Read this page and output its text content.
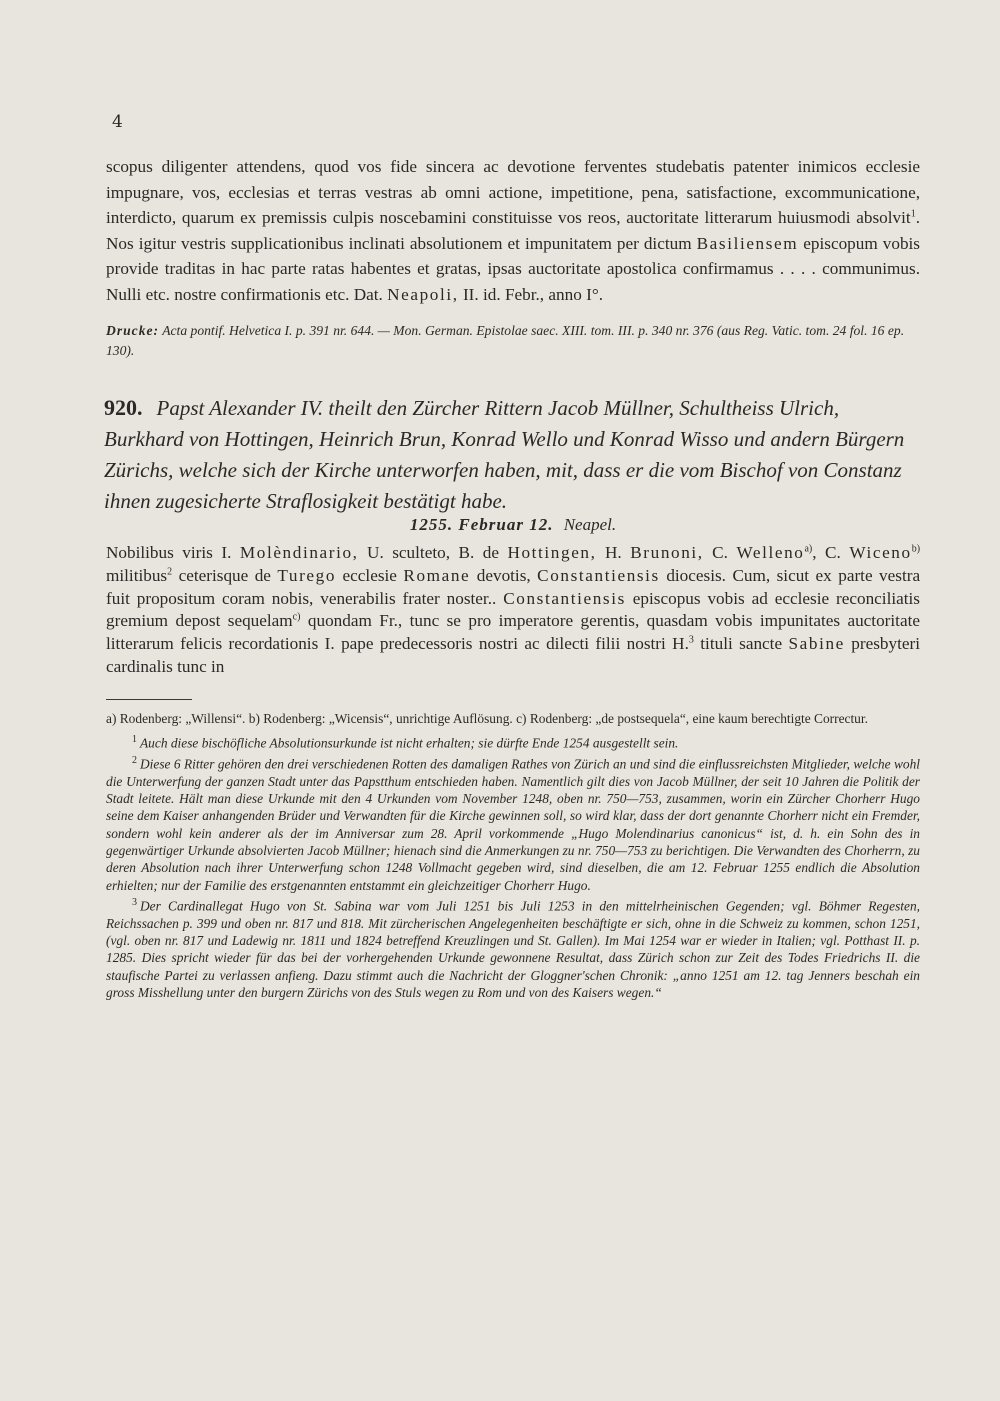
4
scopus diligenter attendens, quod vos fide sincera ac devotione ferventes studebatis patenter inimicos ecclesie impugnare, vos, ecclesias et terras vestras ab omni actione, impetitione, pena, satisfactione, excommunicatione, interdicto, quarum ex premissis culpis noscebamini constituisse vos reos, auctoritate litterarum huiusmodi absolvit$^1$. Nos igitur vestris supplicationibus inclinati absolutionem et impunitatem per dictum Basiliensem episcopum vobis provide traditas in hac parte ratas habentes et gratas, ipsas auctoritate apostolica confirmamus . . . . communimus. Nulli etc. nostre confirmationis etc. Dat. Neapoli, II. id. Febr., anno I°.
Drucke: Acta pontif. Helvetica I. p. 391 nr. 644. — Mon. German. Epistolae saec. XIII. tom. III. p. 340 nr. 376 (aus Reg. Vatic. tom. 24 fol. 16 ep. 130).
920. Papst Alexander IV. theilt den Zürcher Rittern Jacob Müllner, Schultheiss Ulrich, Burkhard von Hottingen, Heinrich Brun, Konrad Wello und Konrad Wisso und andern Bürgern Zürichs, welche sich der Kirche unterworfen haben, mit, dass er die vom Bischof von Constanz ihnen zugesicherte Straflosigkeit bestätigt habe.
1255. Februar 12. Neapel.
Nobilibus viris I. Molèndinario, U. sculteto, B. de Hottingen, H. Brunoni, C. Welleno$^{a)}$, C. Wiceno$^{b)}$ militibus$^2$ ceterisque de Turego ecclesie Romane devotis, Constantiensis diocesis. Cum, sicut ex parte vestra fuit propositum coram nobis, venerabilis frater noster.. Constantiensis episcopus vobis ad ecclesie reconciliatis gremium depost sequelam$^{c)}$ quondam Fr., tunc se pro imperatore gerentis, quasdam vobis impunitates auctoritate litterarum felicis recordationis I. pape predecessoris nostri ac dilecti filii nostri H.$^3$ tituli sancte Sabine presbyteri cardinalis tunc in

a) Rodenberg: „Willensi“. b) Rodenberg: „Wicensis“, unrichtige Auflösung. c) Rodenberg: „de postsequela“, eine kaum berechtigte Correctur.

$^1$ Auch diese bischöfliche Absolutionsurkunde ist nicht erhalten; sie dürfte Ende 1254 ausgestellt sein.

$^2$ Diese 6 Ritter gehören den drei verschiedenen Rotten des damaligen Rathes von Zürich an und sind die einflussreichsten Mitglieder, welche wohl die Unterwerfung der ganzen Stadt unter das Papstthum entschieden haben. Namentlich gilt dies von Jacob Müllner, der seit 10 Jahren die Politik der Stadt leitete. Hält man diese Urkunde mit den 4 Urkunden vom November 1248, oben nr. 750—753, zusammen, worin ein Zürcher Chorherr Hugo seine dem Kaiser anhangenden Brüder und Verwandten für die Kirche gewinnen soll, so wird klar, dass der dort genannte Chorherr nicht ein Fremder, sondern wohl kein anderer als der im Anniversar zum 28. April vorkommende „Hugo Molendinarius canonicus“ ist, d. h. ein Sohn des in gegenwärtiger Urkunde absolvierten Jacob Müllner; hienach sind die Anmerkungen zu nr. 750—753 zu berichtigen. Die Verwandten des Chorherrn, zu deren Absolution nach ihrer Unterwerfung schon 1248 Vollmacht gegeben wird, sind dieselben, die am 12. Februar 1255 endlich die Absolution erhielten; nur der Familie des erstgenannten entstammt ein gleichzeitiger Chorherr Hugo.

$^3$ Der Cardinallegat Hugo von St. Sabina war vom Juli 1251 bis Juli 1253 in den mittelrheinischen Gegenden; vgl. Böhmer Regesten, Reichssachen p. 399 und oben nr. 817 und 818. Mit zürcherischen Angelegenheiten beschäftigte er sich, ohne in die Schweiz zu kommen, schon 1251, (vgl. oben nr. 817 und Ladewig nr. 1811 und 1824 betreffend Kreuzlingen und St. Gallen). Im Mai 1254 war er wieder in Italien; vgl. Potthast II. p. 1285. Dies spricht wieder für das bei der vorhergehenden Urkunde gewonnene Resultat, dass Zürich schon zur Zeit des Todes Friedrichs II. die staufische Partei zu verlassen anfieng. Dazu stimmt auch die Nachricht der Gloggner'schen Chronik: „anno 1251 am 12. tag Jenners beschah ein gross Misshellung unter den burgern Zürichs von des Stuls wegen zu Rom und von des Kaisers wegen.“
